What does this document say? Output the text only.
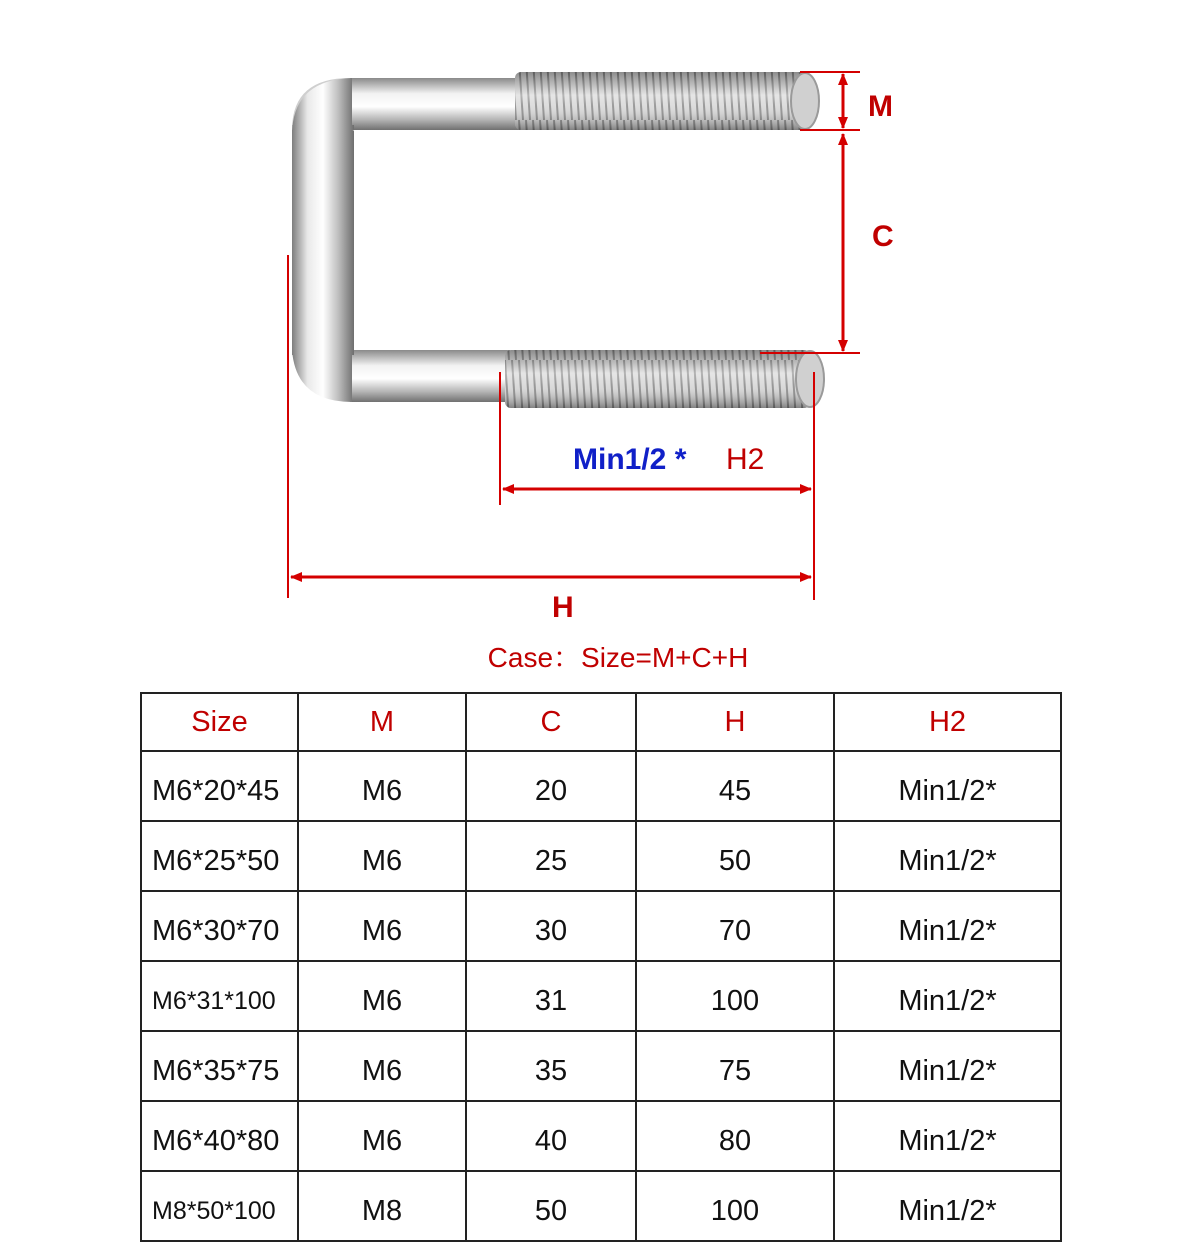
M
C
Min1/2 * H2
H
Case：Size=M+C+H
Size	M	C	H	H2
M6*20*45	M6	20	45	Min1/2*
M6*25*50	M6	25	50	Min1/2*
M6*30*70	M6	30	70	Min1/2*
M6*31*100	M6	31	100	Min1/2*
M6*35*75	M6	35	75	Min1/2*
M6*40*80	M6	40	80	Min1/2*
M8*50*100	M8	50	100	Min1/2*
